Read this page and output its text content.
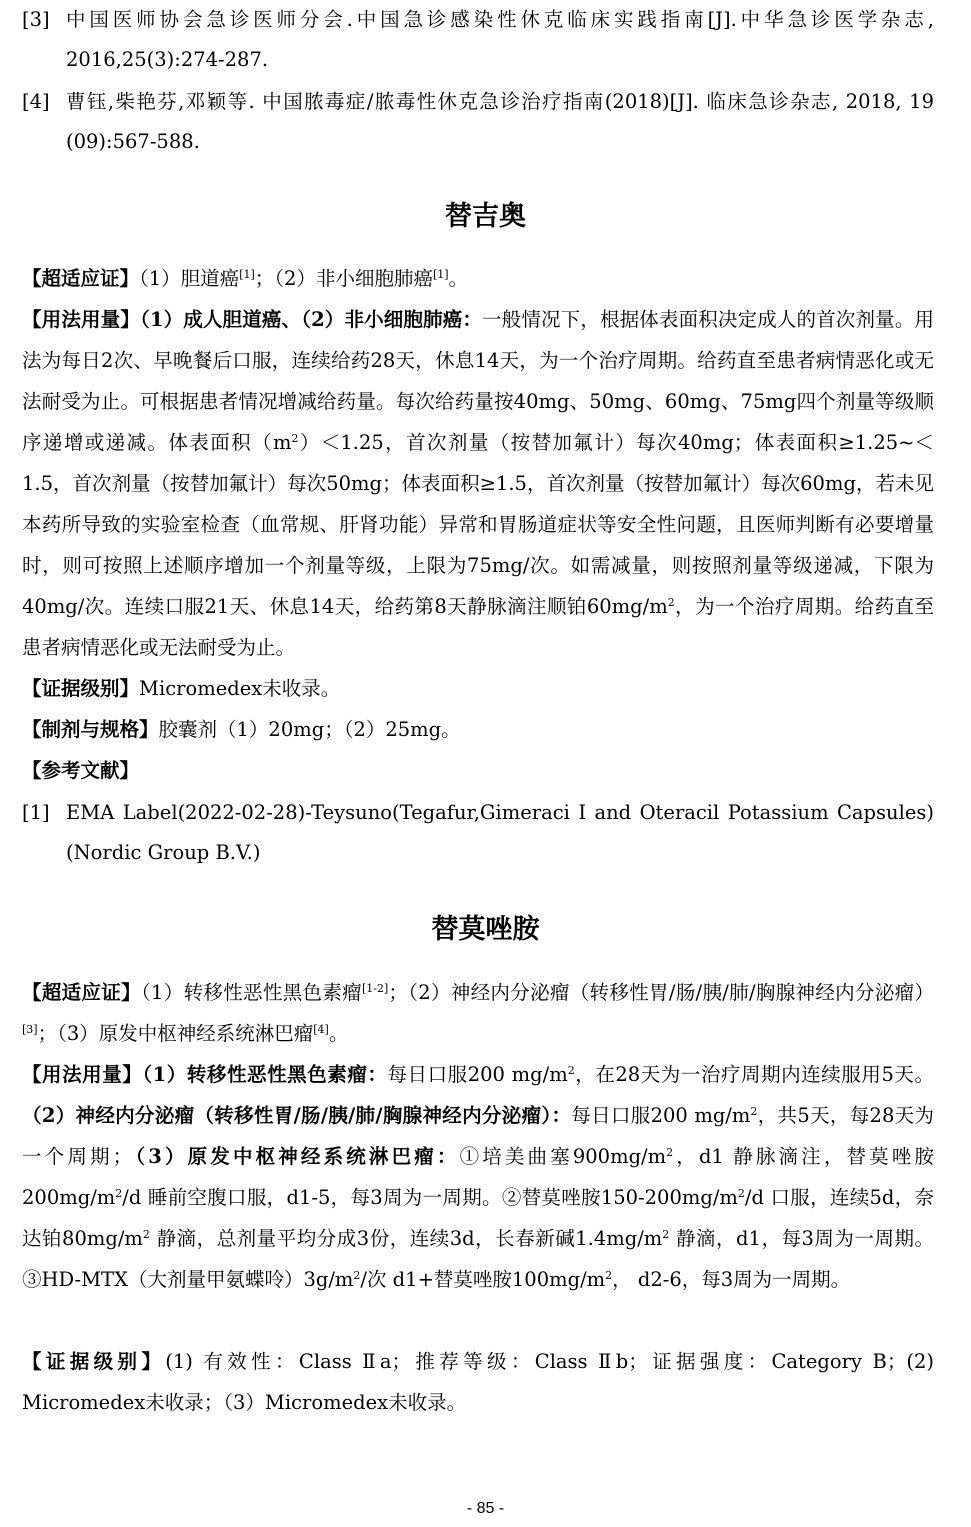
[3] 中国医师协会急诊医师分会.中国急诊感染性休克临床实践指南[J].中华急诊医学杂志, 2016,25(3):274-287.
[4] 曹钰,柴艳芬,邓颖等. 中国脓毒症/脓毒性休克急诊治疗指南(2018)[J]. 临床急诊杂志, 2018, 19 (09):567-588.
替吉奥
【超适应证】（1）胆道癌[1]；（2）非小细胞肺癌[1]。
【用法用量】（1）成人胆道癌、（2）非小细胞肺癌：一般情况下，根据体表面积决定成人的首次剂量。用法为每日2次、早晚餐后口服，连续给药28天，休息14天，为一个治疗周期。给药直至患者病情恶化或无法耐受为止。可根据患者情况增减给药量。每次给药量按40mg、50mg、60mg、75mg四个剂量等级顺序递增或递减。体表面积$(m^2)<1.25$，首次剂量（按替加氟计）每次40mg；体表面积≥1.25~＜1.5，首次剂量（按替加氟计）每次50mg；体表面积≥1.5，首次剂量（按替加氟计）每次60mg，若未见本药所导致的实验室检查（血常规、肝肾功能）异常和胃肠道症状等安全性问题，且医师判断有必要增量时，则可按照上述顺序增加一个剂量等级，上限为75mg/次。如需减量，则按照剂量等级递减，下限为40mg/次。连续口服21天、休息14天，给药第8天静脉滴注顺铂$60mg/m^2$，为一个治疗周期。给药直至患者病情恶化或无法耐受为止。
【证据级别】Micromedex未收录。
【制剂与规格】胶囊剂（1）20mg；（2）25mg。
【参考文献】
[1] EMA Label(2022-02-28)-Teysuno(Tegafur,Gimeraci I and Oteracil Potassium Capsules)(Nordic Group B.V.)
替莫唑胺
【超适应证】（1）转移性恶性黑色素瘤[1-2]；（2）神经内分泌瘤（转移性胃/肠/胰/肺/胸腺神经内分泌瘤）[3]；（3）原发中枢神经系统淋巴瘤[4]。
【用法用量】（1）转移性恶性黑色素瘤：每日口服200 $mg/m^2$，在28天为一治疗周期内连续服用5天。（2）神经内分泌瘤（转移性胃/肠/胰/肺/胸腺神经内分泌瘤）：每日口服200 $mg/m^2$，共5天，每28天为一个周期；（3）原发中枢神经系统淋巴瘤：①培美曲塞$900mg/m^2$，d1 静脉滴注，替莫唑胺$200mg/m^2/d$ 睡前空腹口服，d1-5，每3周为一周期。②替莫唑胺$150-200mg/m^2/d$ 口服，连续5d，奈达铂$80mg/m^2$ 静滴，总剂量平均分成3份，连续3d，长春新碱$1.4mg/m^2$ 静滴，d1，每3周为一周期。③HD-MTX（大剂量甲氨蝶呤）$3g/m^2/$次 d1+替莫唑胺$100mg/m^2$， d2-6，每3周为一周期。
【证据级别】(1) 有效性：Class Ⅱa；推荐等级：Class Ⅱb；证据强度：Category B；(2) Micromedex未收录；（3）Micromedex未收录。
- 85 -
